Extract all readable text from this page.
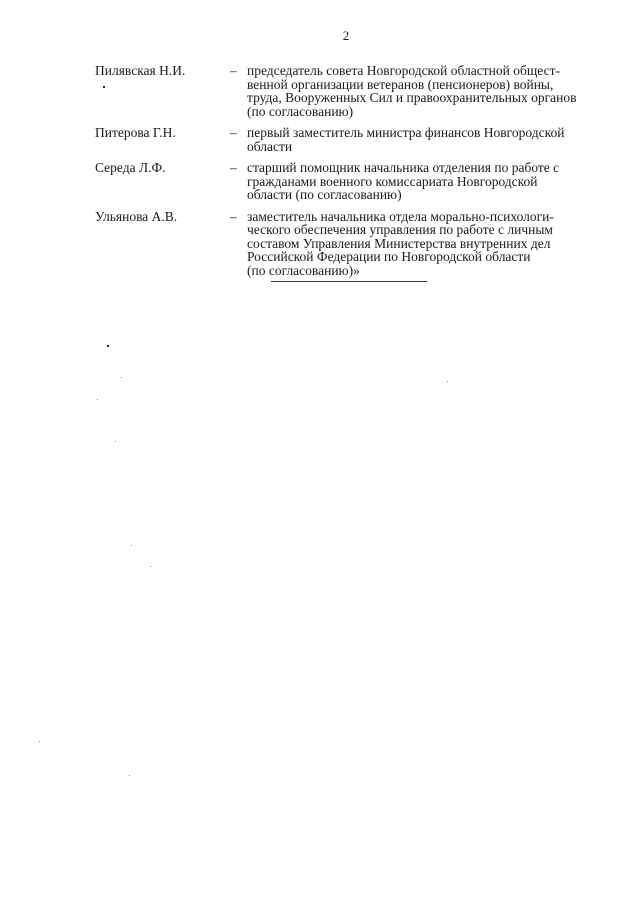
2
Пилявская Н.И.	– председатель совета Новгородской областной общест-
венной организации ветеранов (пенсионеров) войны,
труда, Вооруженных Сил и правоохранительных органов
(по согласованию)
Питерова Г.Н.	– первый заместитель министра финансов Новгородской
области
Середа Л.Ф.	– старший помощник начальника отделения по работе с
гражданами военного комиссариата Новгородской
области (по согласованию)
Ульянова А.В.	– заместитель начальника отдела морально-психологи-
ческого обеспечения управления по работе с личным
составом Управления Министерства внутренних дел
Российской Федерации по Новгородской области
(по согласованию)»
